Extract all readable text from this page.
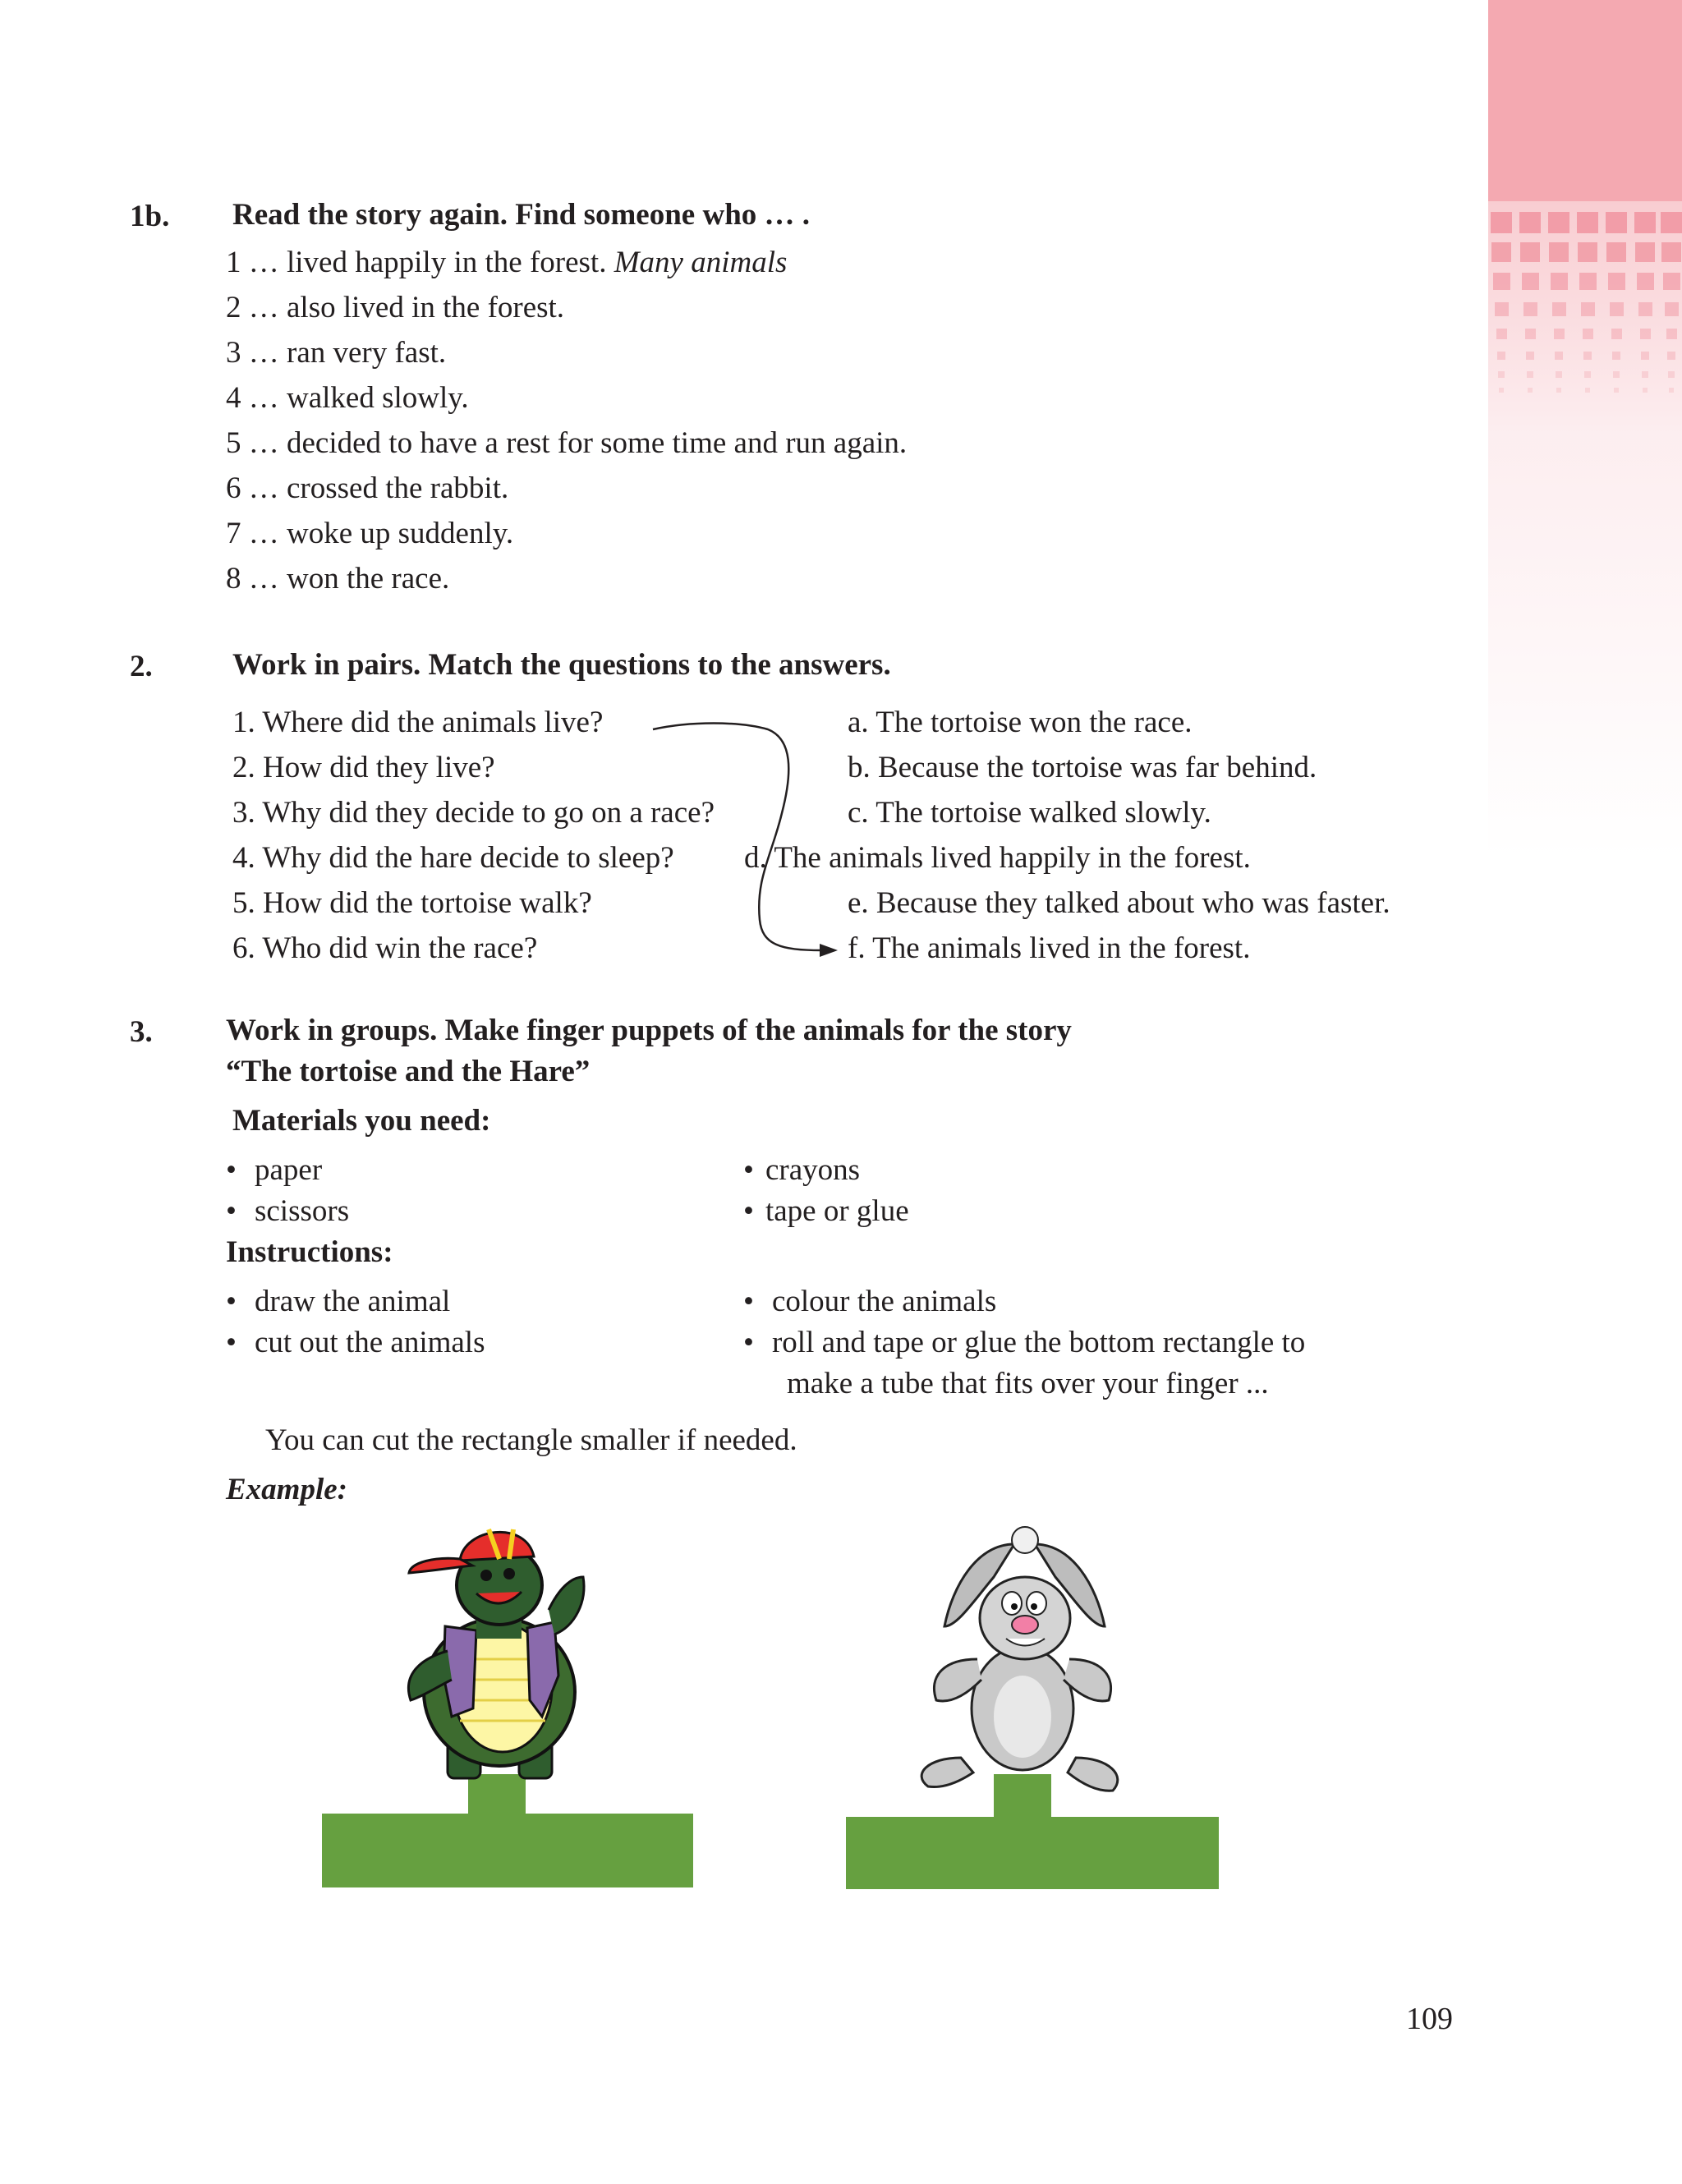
1b. Read the story again. Find someone who … .
1 … lived happily in the forest. Many animals
2 … also lived in the forest.
3 … ran very fast.
4 … walked slowly.
5 … decided to have a rest for some time and run again.
6 … crossed the rabbit.
7 … woke up suddenly.
8 … won the race.
2.	Work in pairs. Match the questions to the answers.
1. Where did the animals live?
2. How did they live?
3. Why did they decide to go on a race?
4. Why did the hare decide to sleep?
5. How did the tortoise walk?
6. Who did win the race?
a. The tortoise won the race.
b. Because the tortoise was far behind.
c. The tortoise walked slowly.
d. The animals lived happily in the forest.
e. Because they talked about who was faster.
f. The animals lived in the forest.
3. Work in groups. Make finger puppets of the animals for the story
“The tortoise and the Hare”
Materials you need:
• paper
• scissors
• crayons
• tape or glue
Instructions:
• draw the animal
• cut out the animals
• colour the animals
• roll and tape or glue the bottom rectangle to
make a tube that fits over your finger ...
You can cut the rectangle smaller if needed.
Example:
109
